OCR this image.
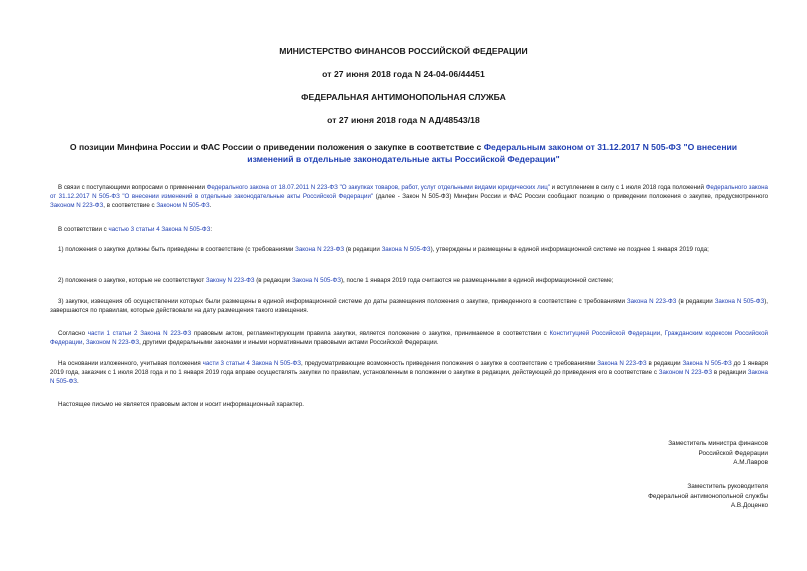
МИНИСТЕРСТВО ФИНАНСОВ РОССИЙСКОЙ ФЕДЕРАЦИИ
от 27 июня 2018 года N 24-04-06/44451
ФЕДЕРАЛЬНАЯ АНТИМОНОПОЛЬНАЯ СЛУЖБА
от 27 июня 2018 года N АД/48543/18
О позиции Минфина России и ФАС России о приведении положения о закупке в соответствие с Федеральным законом от 31.12.2017 N 505-ФЗ "О внесении изменений в отдельные законодательные акты Российской Федерации"
В связи с поступающими вопросами о применении Федерального закона от 18.07.2011 N 223-ФЗ "О закупках товаров, работ, услуг отдельными видами юридических лиц" и вступлением в силу с 1 июля 2018 года положений Федерального закона от 31.12.2017 N 505-ФЗ "О внесении изменений в отдельные законодательные акты Российской Федерации" (далее - Закон N 505-ФЗ) Минфин России и ФАС России сообщают позицию о приведении положения о закупке, предусмотренного Законом N 223-ФЗ, в соответствие с Законом N 505-ФЗ.
В соответствии с частью 3 статьи 4 Закона N 505-ФЗ:
1) положения о закупке должны быть приведены в соответствие (с требованиями Закона N 223-ФЗ (в редакции Закона N 505-ФЗ), утверждены и размещены в единой информационной системе не позднее 1 января 2019 года;
2) положения о закупке, которые не соответствуют Закону N 223-ФЗ (в редакции Закона N 505-ФЗ), после 1 января 2019 года считаются не размещенными в единой информационной системе;
3) закупки, извещения об осуществлении которых были размещены в единой информационной системе до даты размещения положения о закупке, приведенного в соответствие с требованиями Закона N 223-ФЗ (в редакции Закона N 505-ФЗ), завершаются по правилам, которые действовали на дату размещения такого извещения.
Согласно части 1 статьи 2 Закона N 223-ФЗ правовым актом, регламентирующим правила закупки, является положение о закупке, принимаемое в соответствии с Конституцией Российской Федерации, Гражданским кодексом Российской Федерации, Законом N 223-ФЗ, другими федеральными законами и иными нормативными правовыми актами Российской Федерации.
На основании изложенного, учитывая положения части 3 статьи 4 Закона N 505-ФЗ, предусматривающие возможность приведения положения о закупке в соответствие с требованиями Закона N 223-ФЗ в редакции Закона N 505-ФЗ до 1 января 2019 года, заказчик с 1 июля 2018 года и по 1 января 2019 года вправе осуществлять закупки по правилам, установленным в положении о закупке в редакции, действующей до приведения его в соответствие с Законом N 223-ФЗ в редакции Закона N 505-ФЗ.
Настоящее письмо не является правовым актом и носит информационный характер.
Заместитель министра финансов
Российской Федерации
А.М.Лавров
Заместитель руководителя
Федеральной антимонопольной службы
А.В.Доценко
